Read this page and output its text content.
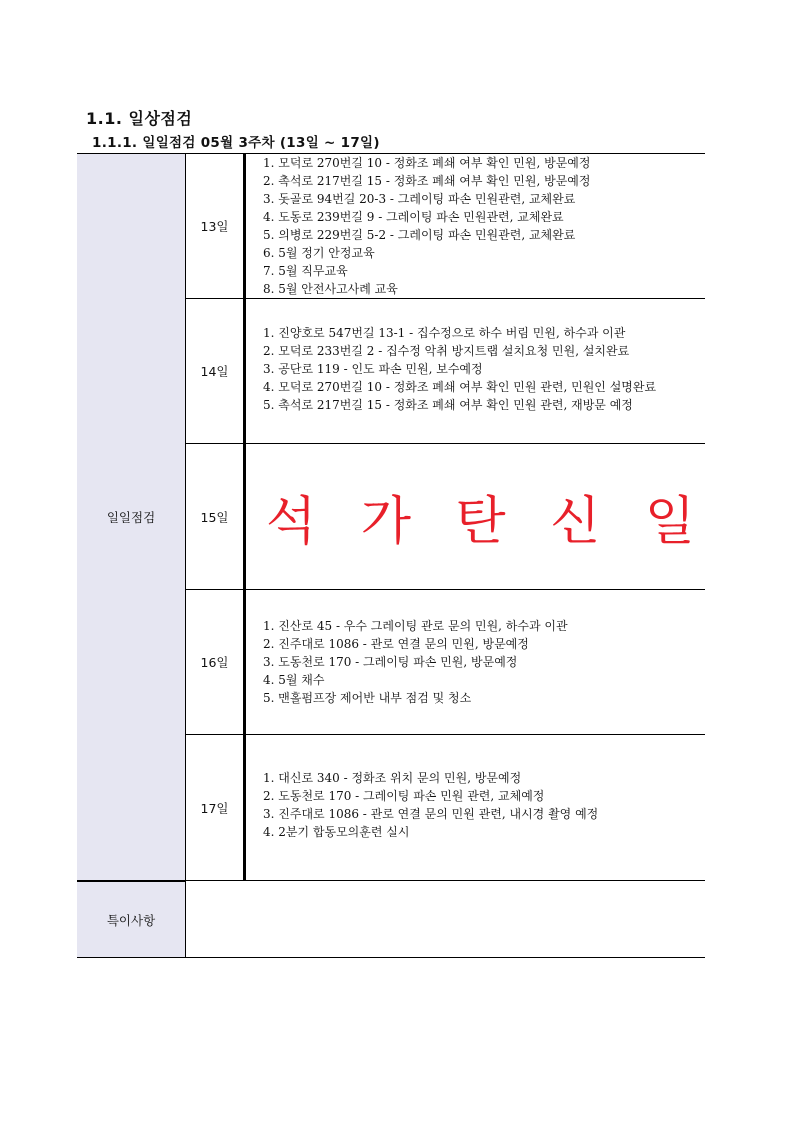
1.1. 일상점검
1.1.1. 일일점검 05월 3주차 (13일 ~ 17일)
일일점검
특이사항
13일
1. 모덕로 270번길 10 - 정화조 폐쇄 여부 확인 민원, 방문예정
2. 촉석로 217번길 15 - 정화조 폐쇄 여부 확인 민원, 방문예정
3. 돗골로 94번길 20-3 - 그레이팅 파손 민원관련, 교체완료
4. 도동로 239번길 9 - 그레이팅 파손 민원관련, 교체완료
5. 의병로 229번길 5-2 - 그레이팅 파손 민원관련, 교체완료
6. 5월 정기 안정교육
7. 5월 직무교육
8. 5월 안전사고사례 교육
14일
1. 진양호로 547번길 13-1 - 집수정으로 하수 버림 민원, 하수과 이관
2. 모덕로 233번길 2 - 집수정 악취 방지트랩 설치요청 민원, 설치완료
3. 공단로 119 - 인도 파손 민원, 보수예정
4. 모덕로 270번길 10 - 정화조 폐쇄 여부 확인 민원 관련, 민원인 설명완료
5. 촉석로 217번길 15 - 정화조 폐쇄 여부 확인 민원 관련, 재방문 예정
15일 석 가 탄 신 일
16일
1. 진산로 45 - 우수 그레이팅 관로 문의 민원, 하수과 이관
2. 진주대로 1086 - 관로 연결 문의 민원, 방문예정
3. 도동천로 170 - 그레이팅 파손 민원, 방문예정
4. 5월 채수
5. 맨홀펌프장 제어반 내부 점검 및 청소
17일
1. 대신로 340 - 정화조 위치 문의 민원, 방문예정
2. 도동천로 170 - 그레이팅 파손 민원 관련, 교체예정
3. 진주대로 1086 - 관로 연결 문의 민원 관련, 내시경 촬영 예정
4. 2분기 합동모의훈련 실시
